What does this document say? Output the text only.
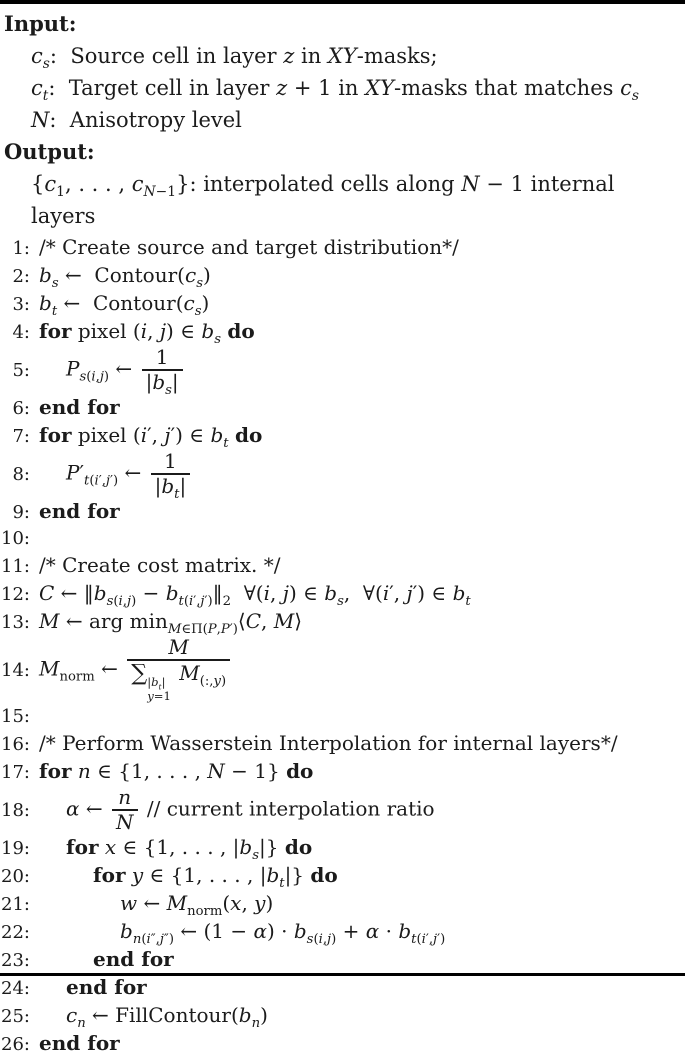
Input:
$c_s$:  Source cell in layer z in XY-masks;
$c_t$:  Target cell in layer z + 1 in XY-masks that matches $c_s$
N:  Anisotropy level
Output:
{$c_1$, . . . , $c_{N-1}$}: interpolated cells along N − 1 internal layers
1: /* Create source and target distribution*/
2: $b_s$ ←  $Contour(c_s)$
3: $b_t$ ←  $Contour(c_s)$
4: for pixel (i, j) ∈ $b_s$ do
5:	$P_{s(i,j)}$ ← $\frac{1}{|b_s|}$
6: end for
7: for pixel (i′, j′) ∈ $b_t$ do
8:	$P'_{t(i',j')}$ ← $\frac{1}{|b_t|}$
9: end for
10:
11: /* Create cost matrix. */
12: C ← $‖b_{s(i,j)}$ − $b_{t(i',j')}‖_2$  ∀(i, j) ∈ $b_s$,  ∀(i′, j′) ∈ $b_t$
13: M ← arg $\min_{M\in\Pi(P,P')}⟨C$, M⟩
14: $M_{norm}$ ← M
∑ $|b_t|$
y=1
$M_{(:,y)}$
15:
16: /* Perform Wasserstein Interpolation for internal layers*/
17: for n ∈ {1, . . . , N − 1} do
18:	α ← $\frac{n}{N}$ // current interpolation ratio
19:	for x ∈ {1, . . . , $|b_s|$} do
20:	for y ∈ {1, . . . , $|b_t|$} do
21:	w ← $M_{norm}(x$, y)
22:	$b_{n(i'',j'')}$ ← $(1 - \alpha) \cdot b_{s(i,j)} + \alpha \cdot b_{t(i',j')}$
23:	end for
24:	end for
25:	$c_n$ ← $FillContour(b_n)$
26: end for
